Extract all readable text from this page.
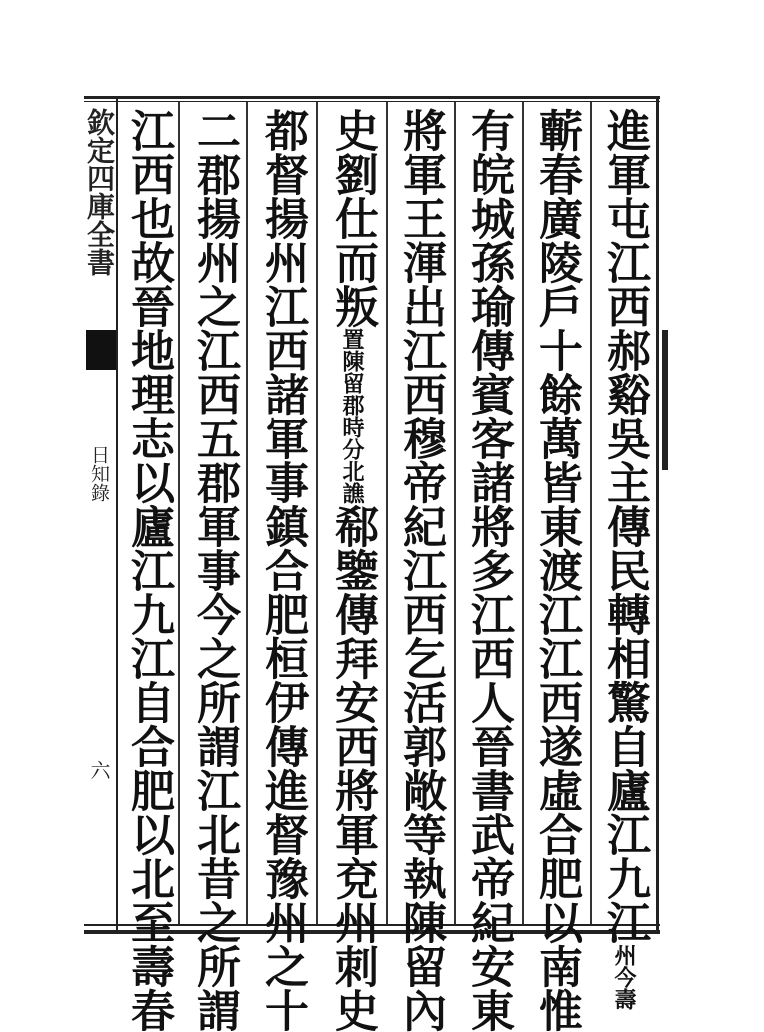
欽定四庫全書
日知錄
六	進軍屯江西郝谿吳主傳民轉相驚自廬江九江
今壽
州
蘄春廣陵戶十餘萬皆東渡江江西遂虛合肥以南惟
有皖城孫瑜傳賓客諸將多江西人晉書武帝紀安東
將軍王渾出江西穆帝紀江西乞活郭敞等執陳留內
史劉仕而叛
時分北譙
置陳留郡
郗鑒傳拜安西將軍兗州刺史
都督揚州江西諸軍事鎮合肥桓伊傳進督豫州之十
二郡揚州之江西五郡軍事今之所謂江北昔之所謂
江西也故晉地理志以廬江九江自合肥以北至壽春
